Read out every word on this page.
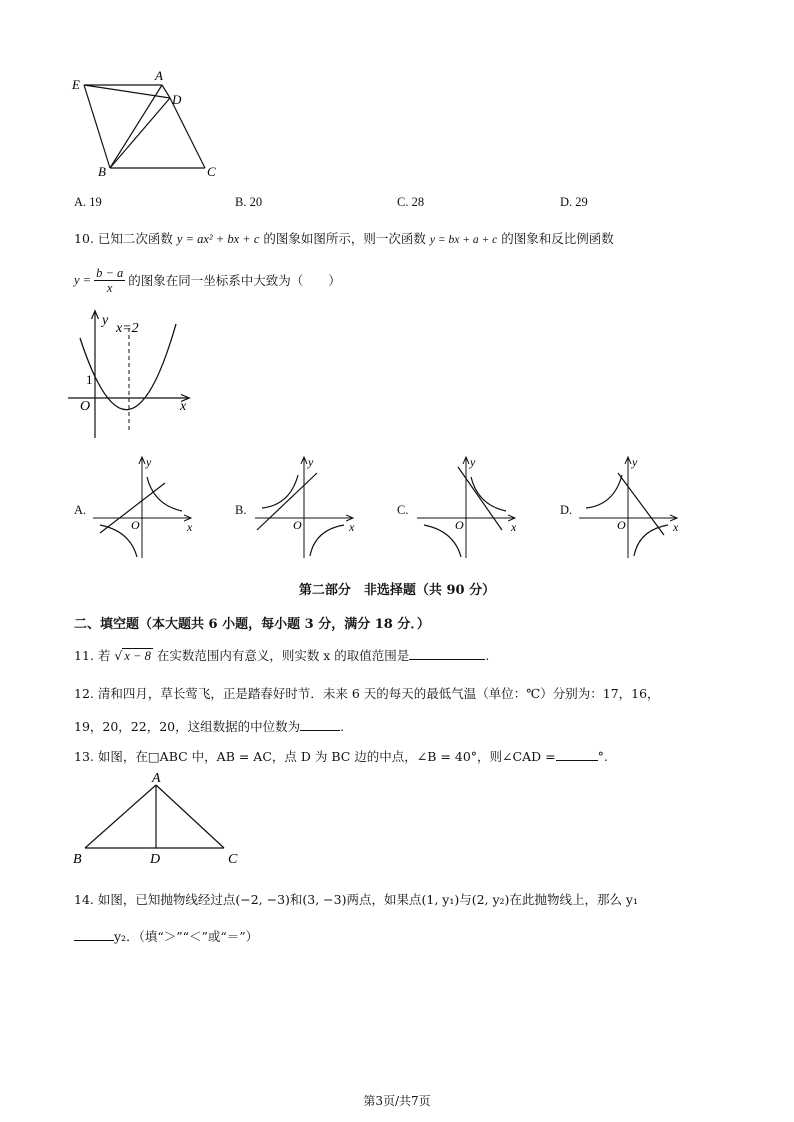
E
A
D
B	C
A. 19	B. 20	C. 28	D. 29
10. 已知二次函数 y = ax² + bx + c 的图象如图所示，则一次函数 y = bx + a + c 的图象和反比例函数
$y = \frac{b - a}{x}$ 的图象在同一坐标系中大致为（　　）
y
x=2
1
O	x
A.
y
O	x
B.
y
O	x
C.
y
O	x
D.
y
O	x
第二部分　非选择题（共 90 分）
二、填空题（本大题共 6 小题，每小题 3 分，满分 18 分．）
11. 若 √ x − 8 在实数范围内有意义，则实数 x 的取值范围是	.
12. 清和四月，草长莺飞，正是踏春好时节．未来 6 天的每天的最低气温（单位：℃）分别为：17，16，
19，20，22，20，这组数据的中位数为	.
13. 如图，在□ABC 中，AB = AC，点 D 为 BC 边的中点，∠B = 40°，则∠CAD =	°.
A
B	D	C
14. 如图，已知抛物线经过点(−2, −3)和(3, −3)两点，如果点(1, y₁)与(2, y₂)在此抛物线上，那么 y₁
y₂．（填“＞”“＜”或“＝”）
第3页/共7页
